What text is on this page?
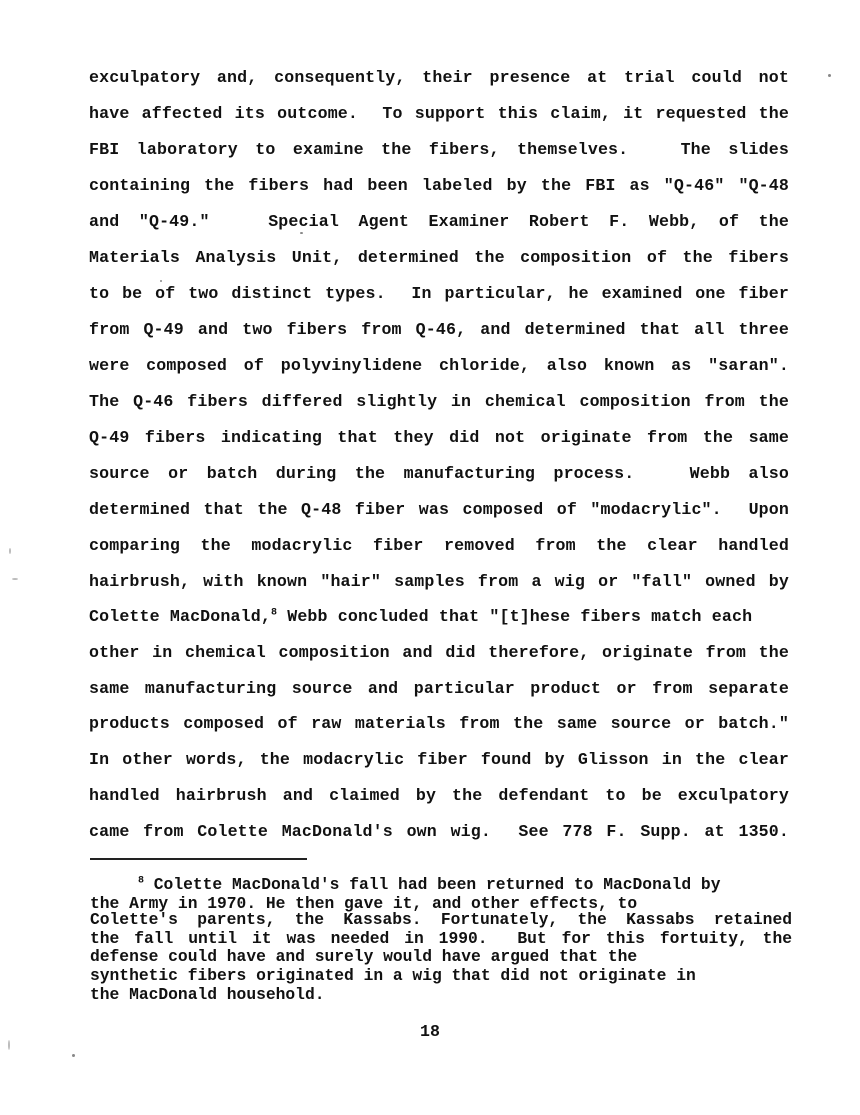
exculpatory and, consequently, their presence at trial could not
have affected its outcome.  To support this claim, it requested the
FBI laboratory to examine the fibers, themselves.   The slides
containing the fibers had been labeled by the FBI as "Q-46" "Q-48
and "Q-49."   Special Agent Examiner Robert F. Webb, of the
Materials Analysis Unit, determined the composition of the fibers
to be of two distinct types.  In particular, he examined one fiber
from Q-49 and two fibers from Q-46, and determined that all three
were composed of polyvinylidene chloride, also known as "saran".
The Q-46 fibers differed slightly in chemical composition from the
Q-49 fibers indicating that they did not originate from the same
source or batch during the manufacturing process.   Webb also
determined that the Q-48 fiber was composed of "modacrylic".  Upon
comparing the modacrylic fiber removed from the clear handled
hairbrush, with known "hair" samples from a wig or "fall" owned by
Colette MacDonald,$^8$ Webb concluded that "[t]hese fibers match each
other in chemical composition and did therefore, originate from the
same manufacturing source and particular product or from separate
products composed of raw materials from the same source or batch."
In other words, the modacrylic fiber found by Glisson in the clear
handled hairbrush and claimed by the defendant to be exculpatory
came from Colette MacDonald's own wig.  See 778 F. Supp. at 1350.
$^8$ Colette MacDonald's fall had been returned to MacDonald by
the Army in 1970. He then gave it, and other effects, to
Colette's parents, the Kassabs. Fortunately, the Kassabs retained
the fall until it was needed in 1990.  But for this fortuity, the
defense could have and surely would have argued that the
synthetic fibers originated in a wig that did not originate in
the MacDonald household.
18
